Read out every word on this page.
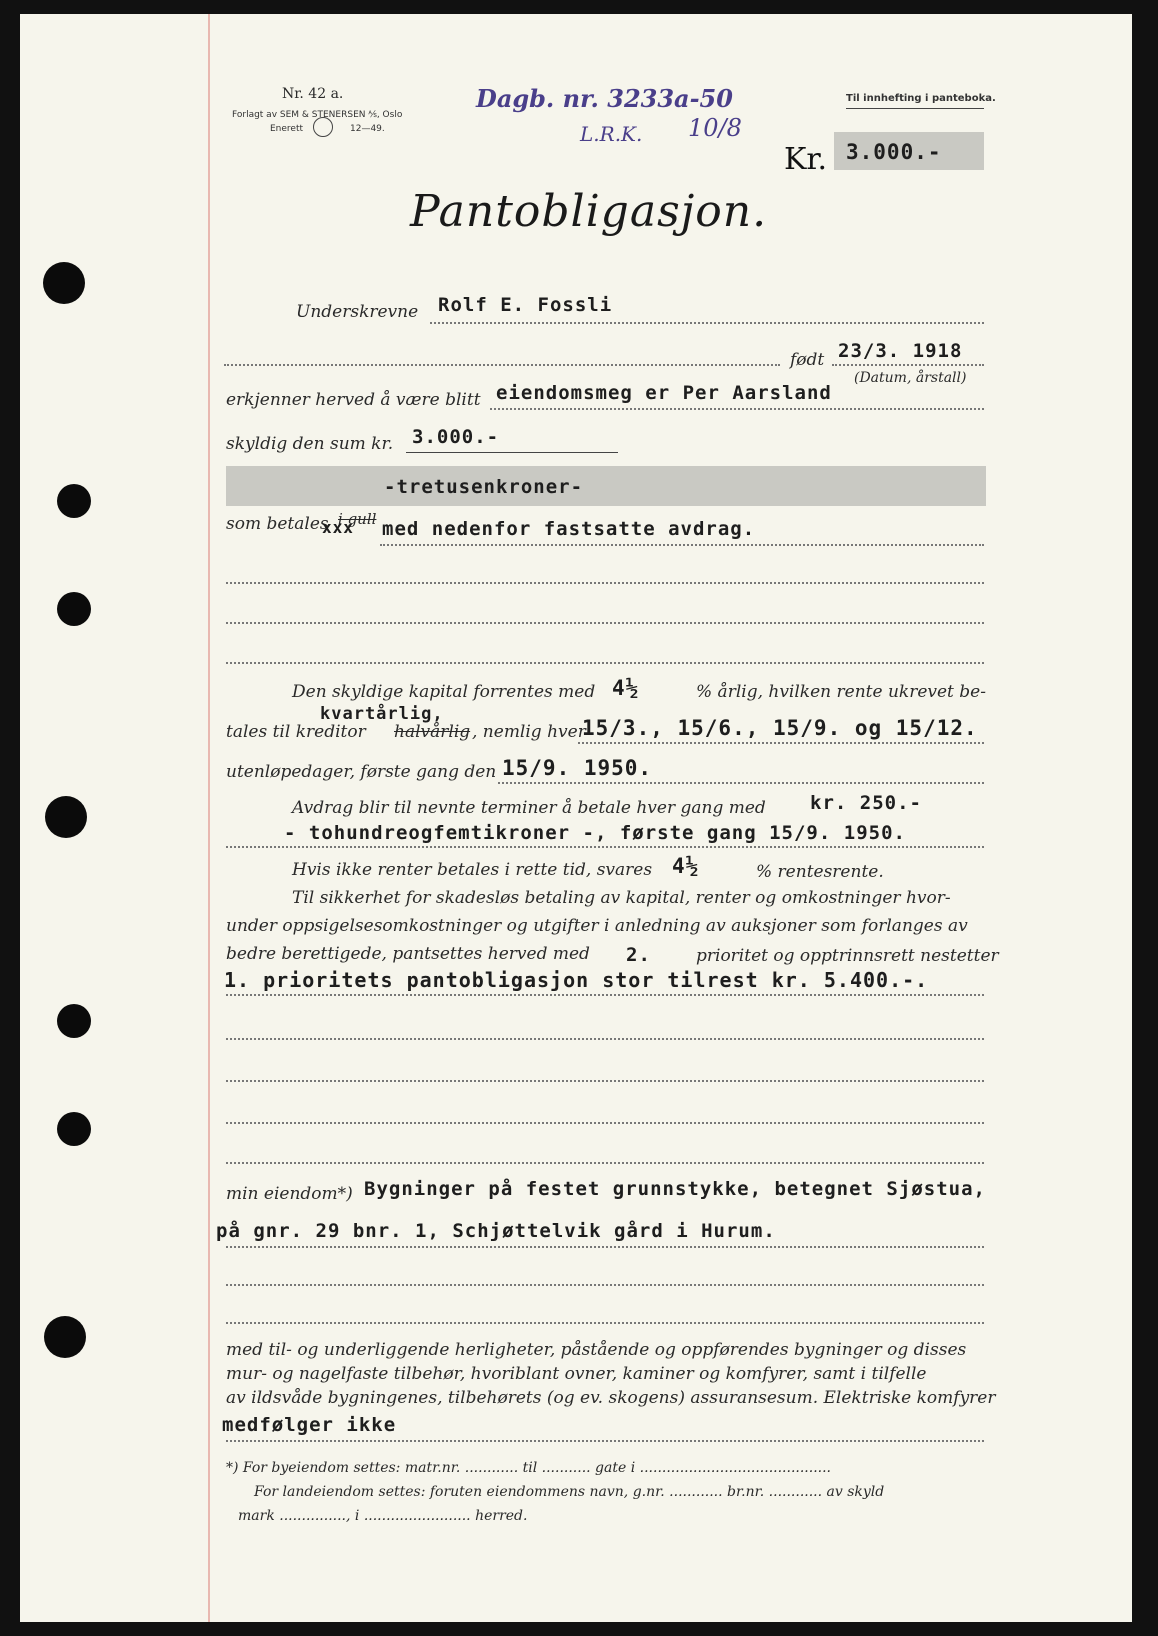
Nr. 42 a.
Forlagt av SEM & STENERSEN ⅍, Oslo
Enerett	12—49.
Dagb. nr. 3233a-50
L.R.K. 10/8
Til innhefting i panteboka.
Kr. 3.000.-
Pantobligasjon.
Underskrevne Rolf E. Fossli
født 23/3. 1918
(Datum, årstall)
erkjenner herved å være blitt eiendomsmeg er Per Aarsland
skyldig den sum kr. 3.000.-
-tretusenkroner-
som betales i gull
xxx med nedenfor fastsatte avdrag.
Den skyldige kapital forrentes med 4½	% årlig, hvilken rente ukrevet be-
kvartårlig,
tales til kreditor halvårlig , nemlig hver
15/3., 15/6., 15/9. og 15/12.
utenløpedager, første gang den 15/9. 1950.
Avdrag blir til nevnte terminer å betale hver gang med kr. 250.-
- tohundreogfemtikroner -, første gang 15/9. 1950.
Hvis ikke renter betales i rette tid, svares 4½	% rentesrente.
Til sikkerhet for skadesløs betaling av kapital, renter og omkostninger hvor-
under oppsigelsesomkostninger og utgifter i anledning av auksjoner som forlanges av
bedre berettigede, pantsettes herved med 2.	prioritet og opptrinnsrett nestetter
1. prioritets pantobligasjon stor tilrest kr. 5.400.-.
min eiendom*) Bygninger på festet grunnstykke, betegnet Sjøstua,
på gnr. 29 bnr. 1, Schjøttelvik gård i Hurum.
med til- og underliggende herligheter, påstående og oppførendes bygninger og disses
mur- og nagelfaste tilbehør, hvoriblant ovner, kaminer og komfyrer, samt i tilfelle
av ildsvåde bygningenes, tilbehørets (og ev. skogens) assuransesum. Elektriske komfyrer
medfølger ikke
*) For byeiendom settes: matr.nr. ............ til ........... gate i ...........................................
For landeiendom settes: foruten eiendommens navn, g.nr. ............ br.nr. ............ av skyld
mark ..............., i ........................ herred.
